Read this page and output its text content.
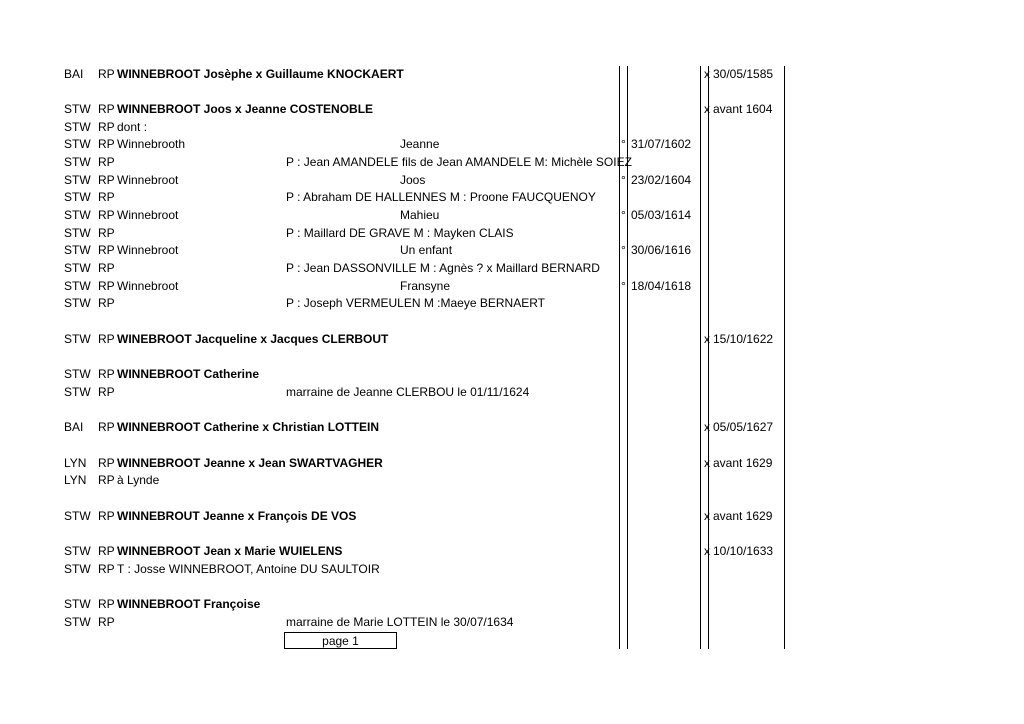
BAI RP WINNEBROOT Josèphe x Guillaume KNOCKAERT	x 30/05/1585
STW RP WINNEBROOT Joos x Jeanne COSTENOBLE	x avant 1604
STW RP dont :
STW RP Winnebrooth	Jeanne	° 31/07/1602
STW RP	P : Jean AMANDELE fils de Jean AMANDELE M: Michèle SOIEZ
STW RP Winnebroot	Joos	° 23/02/1604
STW RP	P : Abraham DE HALLENNES M : Proone FAUCQUENOY
STW RP Winnebroot	Mahieu	° 05/03/1614
STW RP	P : Maillard DE GRAVE M : Mayken CLAIS
STW RP Winnebroot	Un enfant	° 30/06/1616
STW RP	P : Jean DASSONVILLE M : Agnès ? x Maillard BERNARD
STW RP Winnebroot	Fransyne	° 18/04/1618
STW RP	P : Joseph VERMEULEN M :Maeye BERNAERT
STW RP WINEBROOT Jacqueline x Jacques CLERBOUT	x 15/10/1622
STW RP WINNEBROOT Catherine
STW RP	marraine de Jeanne CLERBOU le 01/11/1624
BAI RP WINNEBROOT Catherine x Christian LOTTEIN	x 05/05/1627
LYN RP WINNEBROOT Jeanne x Jean SWARTVAGHER	x avant 1629
LYN RP à Lynde
STW RP WINNEBROUT Jeanne x François DE VOS	x avant 1629
STW RP WINNEBROOT Jean x Marie WUIELENS	x 10/10/1633
STW RP T : Josse WINNEBROOT, Antoine DU SAULTOIR
STW RP WINNEBROOT Françoise
STW RP	marraine de Marie LOTTEIN le 30/07/1634
page 1
